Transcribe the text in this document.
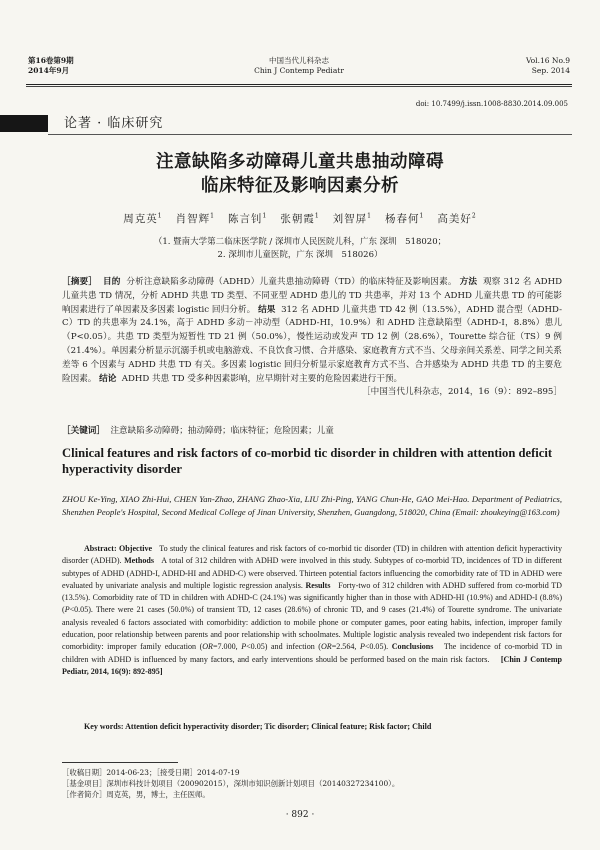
第16卷第9期
2014年9月
中国当代儿科杂志
Chin J Contemp Pediatr
Vol.16 No.9
Sep. 2014
doi: 10.7499/j.issn.1008-8830.2014.09.005
论著 · 临床研究
注意缺陷多动障碍儿童共患抽动障碍
临床特征及影响因素分析
周克英$^1$ 肖智辉$^1$ 陈言钊$^1$ 张朝霞$^1$ 刘智屏$^1$ 杨春何$^1$ 高美好$^2$
（1. 暨南大学第二临床医学院 / 深圳市人民医院儿科，广东 深圳　518020；
2. 深圳市儿童医院，广东 深圳　518026）
［摘要］ 目的 分析注意缺陷多动障碍（ADHD）儿童共患抽动障碍（TD）的临床特征及影响因素。 方法 观察 312 名 ADHD 儿童共患 TD 情况，分析 ADHD 共患 TD 类型、不同亚型 ADHD 患儿的 TD 共患率，并对 13 个 ADHD 儿童共患 TD 的可能影响因素进行了单因素及多因素 logistic 回归分析。 结果 312 名 ADHD 儿童共患 TD 42 例（13.5%），ADHD 混合型（ADHD-C）TD 的共患率为 24.1%，高于 ADHD 多动－冲动型（ADHD-HI，10.9%）和 ADHD 注意缺陷型（ADHD-I，8.8%）患儿（P<0.05）。共患 TD 类型为短暂性 TD 21 例（50.0%），慢性运动或发声 TD 12 例（28.6%），Tourette 综合征（TS）9 例（21.4%）。单因素分析显示沉溺手机或电脑游戏、不良饮食习惯、合并感染、家庭教育方式不当、父母亲间关系差、同学之间关系差等 6 个因素与 ADHD 共患 TD 有关。多因素 logistic 回归分析显示家庭教育方式不当、合并感染为 ADHD 共患 TD 的主要危险因素。 结论 ADHD 共患 TD 受多种因素影响，应早期针对主要的危险因素进行干预。
［中国当代儿科杂志，2014，16（9）：892–895］
［关键词］ 注意缺陷多动障碍；抽动障碍；临床特征；危险因素；儿童
Clinical features and risk factors of co-morbid tic disorder in children with attention deficit hyperactivity disorder
ZHOU Ke-Ying, XIAO Zhi-Hui, CHEN Yan-Zhao, ZHANG Zhao-Xia, LIU Zhi-Ping, YANG Chun-He, GAO Mei-Hao. Department of Pediatrics, Shenzhen People's Hospital, Second Medical College of Jinan University, Shenzhen, Guangdong, 518020, China (Email: zhoukeying@163.com)
Abstract: Objective To study the clinical features and risk factors of co-morbid tic disorder (TD) in children with attention deficit hyperactivity disorder (ADHD). Methods A total of 312 children with ADHD were involved in this study. Subtypes of co-morbid TD, incidences of TD in different subtypes of ADHD (ADHD-I, ADHD-HI and ADHD-C) were observed. Thirteen potential factors influencing the comorbidity rate of TD in ADHD were evaluated by univariate analysis and multiple logistic regression analysis. Results Forty-two of 312 children with ADHD suffered from co-morbid TD (13.5%). Comorbidity rate of TD in children with ADHD-C (24.1%) was significantly higher than in those with ADHD-HI (10.9%) and ADHD-I (8.8%) (P<0.05). There were 21 cases (50.0%) of transient TD, 12 cases (28.6%) of chronic TD, and 9 cases (21.4%) of Tourette syndrome. The univariate analysis revealed 6 factors associated with comorbidity: addiction to mobile phone or computer games, poor eating habits, infection, improper family education, poor relationship between parents and poor relationship with schoolmates. Multiple logistic analysis revealed two independent risk factors for comorbidity: improper family education (OR=7.000, P<0.05) and infection (OR=2.564, P<0.05). Conclusions The incidence of co-morbid TD in children with ADHD is influenced by many factors, and early interventions should be performed based on the main risk factors. [Chin J Contemp Pediatr, 2014, 16(9): 892-895]
Key words: Attention deficit hyperactivity disorder; Tic disorder; Clinical feature; Risk factor; Child
［收稿日期］2014-06-23；［接受日期］2014-07-19
［基金项目］深圳市科技计划项目（200902015），深圳市知识创新计划项目（20140327234100）。
［作者简介］周克英，男，博士，主任医师。
· 892 ·
